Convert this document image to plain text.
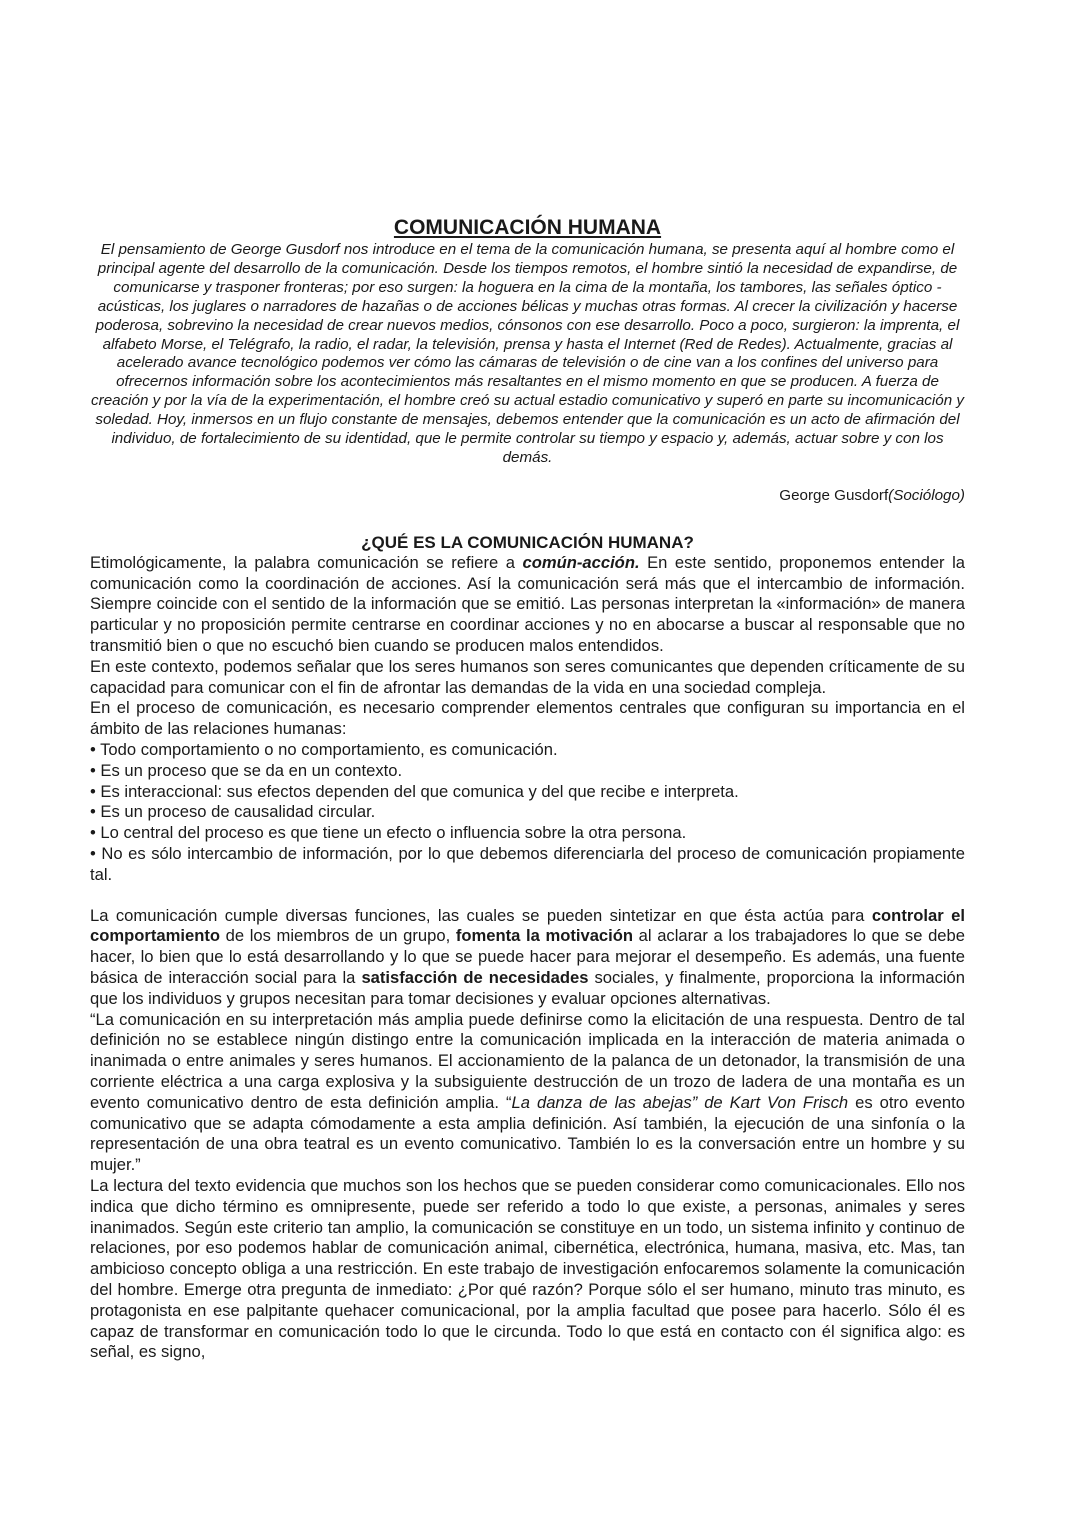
COMUNICACIÓN HUMANA

El pensamiento de George Gusdorf nos introduce en el tema de la comunicación humana, se presenta aquí al hombre como el principal agente del desarrollo de la comunicación. Desde los tiempos remotos, el hombre sintió la necesidad de expandirse, de comunicarse y trasponer fronteras; por eso surgen: la hoguera en la cima de la montaña, los tambores, las señales óptico - acústicas, los juglares o narradores de hazañas o de acciones bélicas y muchas otras formas. Al crecer la civilización y hacerse poderosa, sobrevino la necesidad de crear nuevos medios, cónsonos con ese desarrollo. Poco a poco, surgieron: la imprenta, el alfabeto Morse, el Telégrafo, la radio, el radar, la televisión, prensa y hasta el Internet (Red de Redes). Actualmente, gracias al acelerado avance tecnológico podemos ver cómo las cámaras de televisión o de cine van a los confines del universo para ofrecernos información sobre los acontecimientos más resaltantes en el mismo momento en que se producen. A fuerza de creación y por la vía de la experimentación, el hombre creó su actual estadio comunicativo y superó en parte su incomunicación y soledad. Hoy, inmersos en un flujo constante de mensajes, debemos entender que la comunicación es un acto de afirmación del individuo, de fortalecimiento de su identidad, que le permite controlar su tiempo y espacio y, además, actuar sobre y con los demás.

George Gusdorf(Sociólogo)

¿QUÉ ES LA COMUNICACIÓN HUMANA?

Etimológicamente, la palabra comunicación se refiere a común-acción. En este sentido, proponemos entender la comunicación como la coordinación de acciones. Así la comunicación será más que el intercambio de información. Siempre coincide con el sentido de la información que se emitió. Las personas interpretan la «información» de manera particular y no proposición permite centrarse en coordinar acciones y no en abocarse a buscar al responsable que no transmitió bien o que no escuchó bien cuando se producen malos entendidos.

En este contexto, podemos señalar que los seres humanos son seres comunicantes que dependen críticamente de su capacidad para comunicar con el fin de afrontar las demandas de la vida en una sociedad compleja.

En el proceso de comunicación, es necesario comprender elementos centrales que configuran su importancia en el ámbito de las relaciones humanas:

• Todo comportamiento o no comportamiento, es comunicación.
• Es un proceso que se da en un contexto.
• Es interaccional: sus efectos dependen del que comunica y del que recibe e interpreta.
• Es un proceso de causalidad circular.
• Lo central del proceso es que tiene un efecto o influencia sobre la otra persona.
• No es sólo intercambio de información, por lo que debemos diferenciarla del proceso de comunicación propiamente tal.

La comunicación cumple diversas funciones, las cuales se pueden sintetizar en que ésta actúa para controlar el comportamiento de los miembros de un grupo, fomenta la motivación al aclarar a los trabajadores lo que se debe hacer, lo bien que lo está desarrollando y lo que se puede hacer para mejorar el desempeño. Es además, una fuente básica de interacción social para la satisfacción de necesidades sociales, y finalmente, proporciona la información que los individuos y grupos necesitan para tomar decisiones y evaluar opciones alternativas.

“La comunicación en su interpretación más amplia puede definirse como la elicitación de una respuesta. Dentro de tal definición no se establece ningún distingo entre la comunicación implicada en la interacción de materia animada o inanimada o entre animales y seres humanos. El accionamiento de la palanca de un detonador, la transmisión de una corriente eléctrica a una carga explosiva y la subsiguiente destrucción de un trozo de ladera de una montaña es un evento comunicativo dentro de esta definición amplia. “La danza de las abejas” de Kart Von Frisch es otro evento comunicativo que se adapta cómodamente a esta amplia definición. Así también, la ejecución de una sinfonía o la representación de una obra teatral es un evento comunicativo. También lo es la conversación entre un hombre y su mujer.”

La lectura del texto evidencia que muchos son los hechos que se pueden considerar como comunicacionales. Ello nos indica que dicho término es omnipresente, puede ser referido a todo lo que existe, a personas, animales y seres inanimados. Según este criterio tan amplio, la comunicación se constituye en un todo, un sistema infinito y continuo de relaciones, por eso podemos hablar de comunicación animal, cibernética, electrónica, humana, masiva, etc. Mas, tan ambicioso concepto obliga a una restricción. En este trabajo de investigación enfocaremos solamente la comunicación del hombre. Emerge otra pregunta de inmediato: ¿Por qué razón? Porque sólo el ser humano, minuto tras minuto, es protagonista en ese palpitante quehacer comunicacional, por la amplia facultad que posee para hacerlo. Sólo él es capaz de transformar en comunicación todo lo que le circunda. Todo lo que está en contacto con él significa algo: es señal, es signo,
